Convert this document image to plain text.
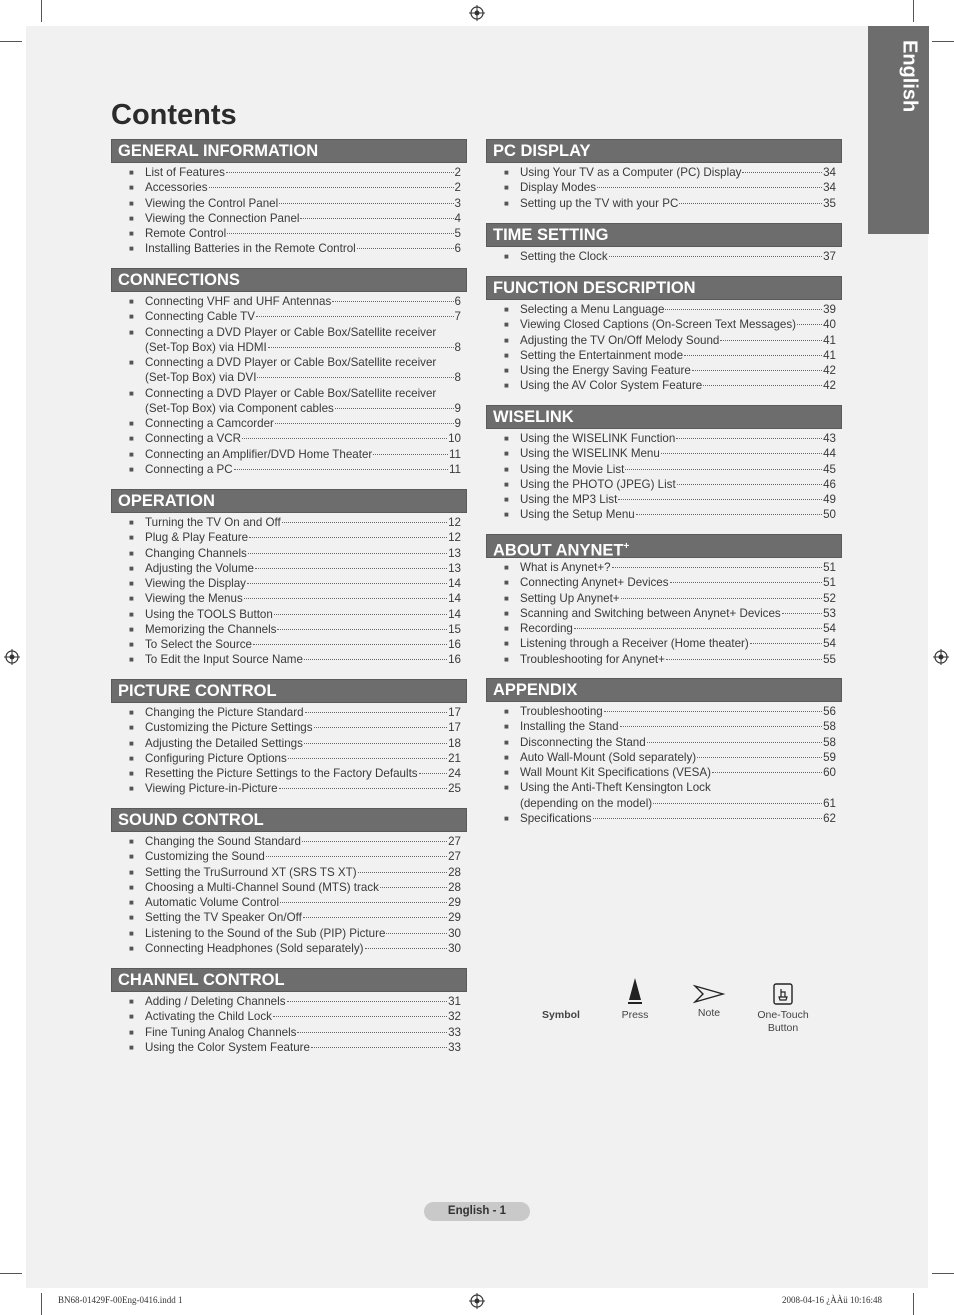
English
Contents
GENERAL INFORMATION
■ List of Features	2
■ Accessories	2
■ Viewing the Control Panel	3
■ Viewing the Connection Panel	4
■ Remote Control	5
■ Installing Batteries in the Remote Control	6
CONNECTIONS
■ Connecting VHF and UHF Antennas	6
■ Connecting Cable TV	7
■ Connecting a DVD Player or Cable Box/Satellite receiver
(Set-Top Box) via HDMI	8
■ Connecting a DVD Player or Cable Box/Satellite receiver
(Set-Top Box) via DVI	8
■ Connecting a DVD Player or Cable Box/Satellite receiver
(Set-Top Box) via Component cables	9
■ Connecting a Camcorder	9
■ Connecting a VCR	10
■ Connecting an Amplifier/DVD Home Theater	11
■ Connecting a PC	11
OPERATION
■ Turning the TV On and Off	12
■ Plug & Play Feature	12
■ Changing Channels	13
■ Adjusting the Volume	13
■ Viewing the Display	14
■ Viewing the Menus	14
■ Using the TOOLS Button	14
■ Memorizing the Channels	15
■ To Select the Source	16
■ To Edit the Input Source Name	16
PICTURE CONTROL
■ Changing the Picture Standard	17
■ Customizing the Picture Settings	17
■ Adjusting the Detailed Settings	18
■ Configuring Picture Options	21
■ Resetting the Picture Settings to the Factory Defaults	24
■ Viewing Picture-in-Picture	25
SOUND CONTROL
■ Changing the Sound Standard	27
■ Customizing the Sound	27
■ Setting the TruSurround XT (SRS TS XT)	28
■ Choosing a Multi-Channel Sound (MTS) track	28
■ Automatic Volume Control	29
■ Setting the TV Speaker On/Off	29
■ Listening to the Sound of the Sub (PIP) Picture	30
■ Connecting Headphones (Sold separately)	30
CHANNEL CONTROL
■ Adding / Deleting Channels	31
■ Activating the Child Lock	32
■ Fine Tuning Analog Channels	33
■ Using the Color System Feature	33
PC DISPLAY
■ Using Your TV as a Computer (PC) Display	34
■ Display Modes	34
■ Setting up the TV with your PC	35
TIME SETTING
■ Setting the Clock	37
FUNCTION DESCRIPTION
■ Selecting a Menu Language	39
■ Viewing Closed Captions (On-Screen Text Messages) 40
■ Adjusting the TV On/Off Melody Sound	41
■ Setting the Entertainment mode	41
■ Using the Energy Saving Feature	42
■ Using the AV Color System Feature	42
WISELINK
■ Using the WISELINK Function	43
■ Using the WISELINK Menu	44
■ Using the Movie List	45
■ Using the PHOTO (JPEG) List	46
■ Using the MP3 List	49
■ Using the Setup Menu	50
ABOUT ANYNET+
■ What is Anynet+?	51
■ Connecting Anynet+ Devices	51
■ Setting Up Anynet+	52
■ Scanning and Switching between Anynet+ Devices	53
■ Recording	54
■ Listening through a Receiver (Home theater)	54
■ Troubleshooting for Anynet+	55
APPENDIX
■ Troubleshooting	56
■ Installing the Stand	58
■ Disconnecting the Stand	58
■ Auto Wall-Mount (Sold separately)	59
■ Wall Mount Kit Specifications (VESA)	60
■ Using the Anti-Theft Kensington Lock
(depending on the model)	61
■ Specifications	62
Symbol	Press	Note	One-Touch Button
English - 1
BN68-01429F-00Eng-0416.indd 1	2008-04-16 ¿ÀÀü 10:16:48
